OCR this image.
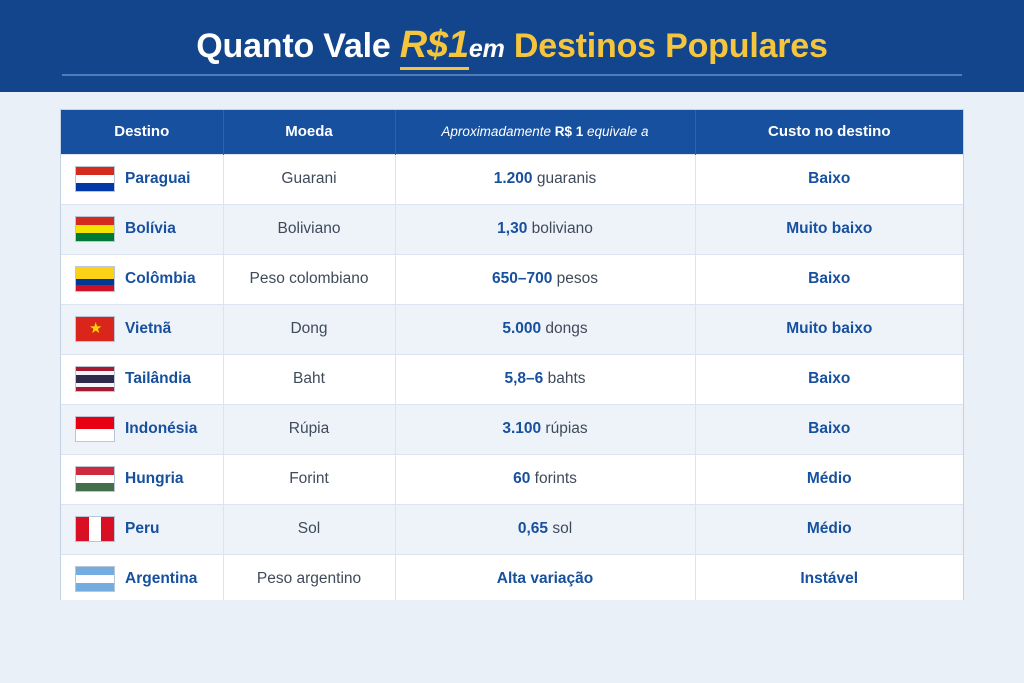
Quanto Vale R$1em Destinos Populares
Destino	Moeda	Aproximadamente R$ 1 equivale a	Custo no destino

Paraguai	Guarani	1.200 guaranis	Baixo

Bolívia	Boliviano	1,30 boliviano	Muito baixo

Colômbia	Peso colombiano	650–700 pesos	Baixo

★ Vietnã	Dong	5.000 dongs	Muito baixo

Tailândia	Baht	5,8–6 bahts	Baixo

Indonésia	Rúpia	3.100 rúpias	Baixo

Hungria	Forint	60 forints	Médio

Peru	Sol	0,65 sol	Médio

Argentina	Peso argentino	Alta variação	Instável
